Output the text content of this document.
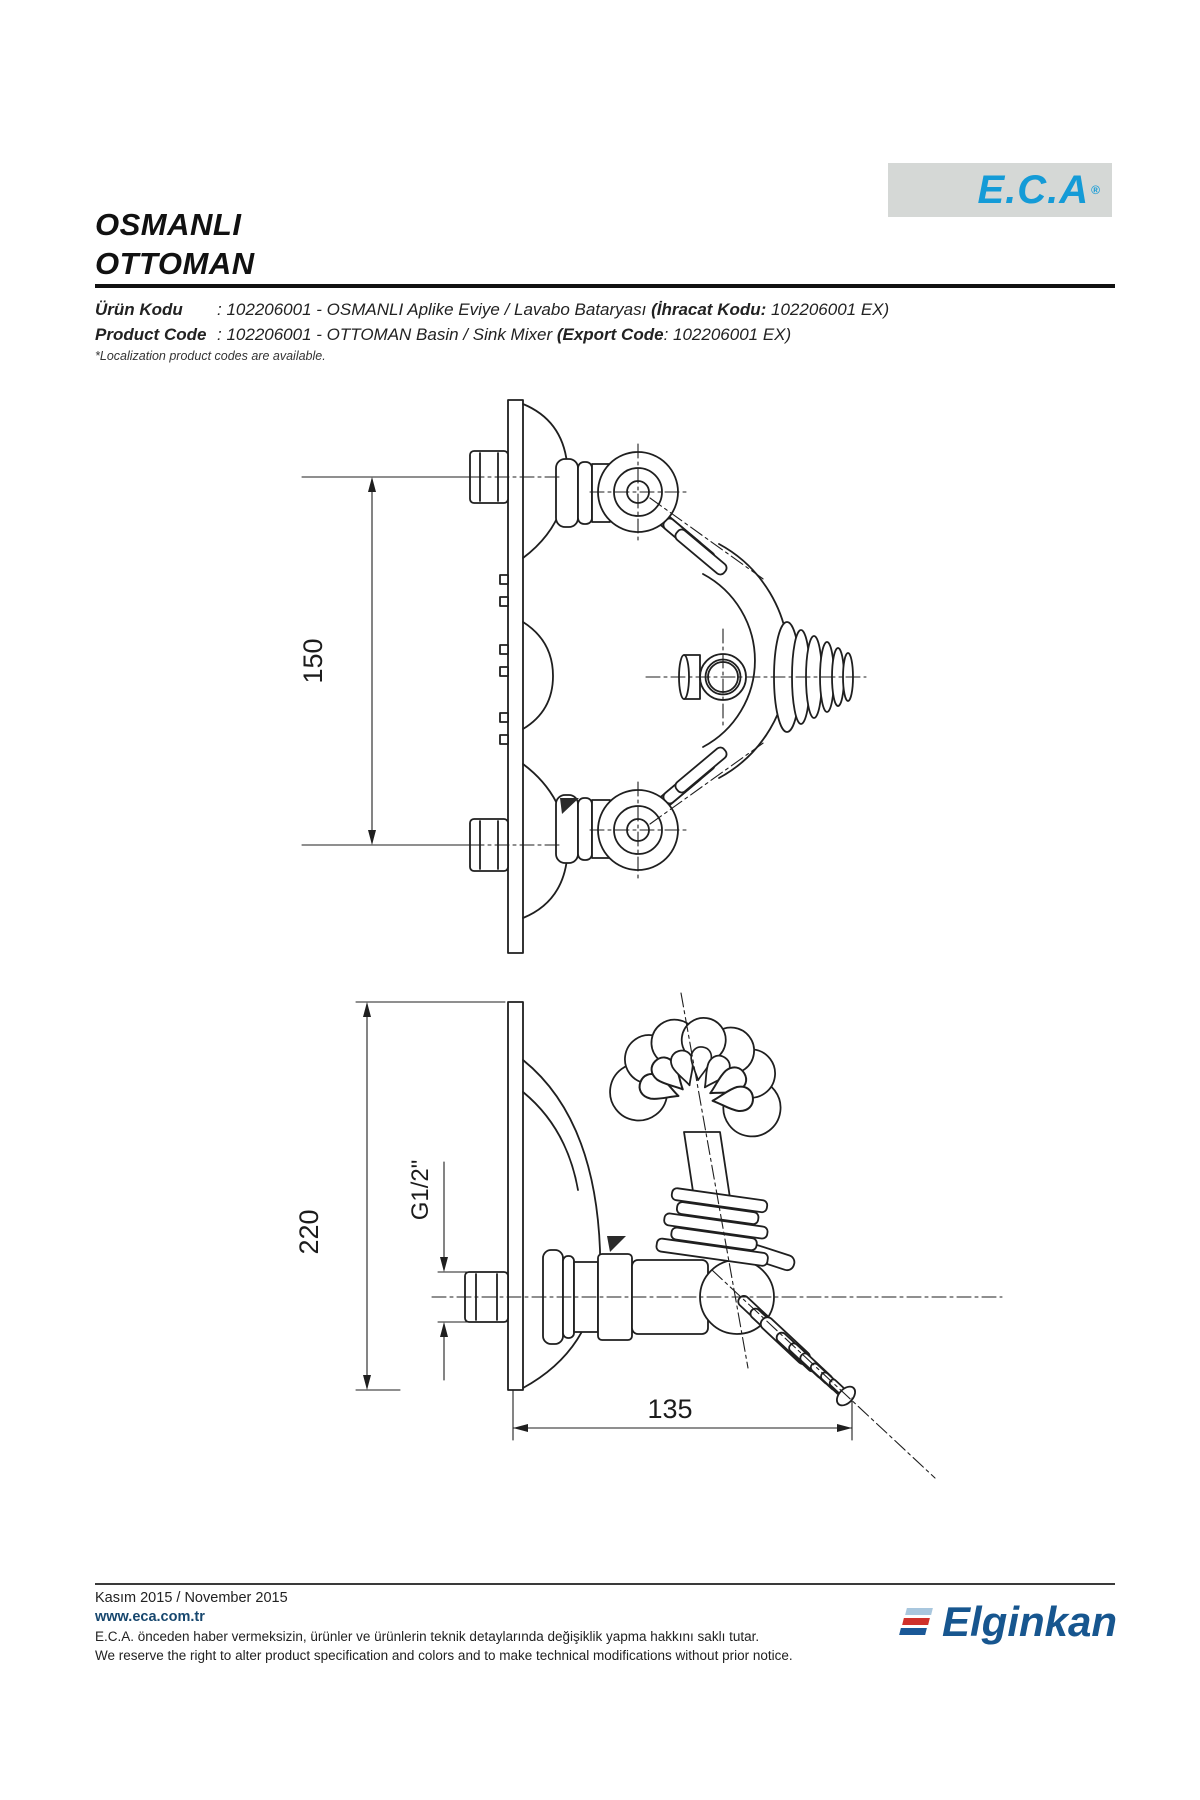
OSMANLI
OTTOMAN
E.C.A ®
Ürün Kodu : 102206001 - OSMANLI Aplike Eviye / Lavabo Bataryası (İhracat Kodu: 102206001 EX)
Product Code : 102206001 - OTTOMAN Basin / Sink Mixer (Export Code: 102206001 EX)
*Localization product codes are available.
150
220
G1/2"
135
Kasım 2015 / November 2015
www.eca.com.tr
E.C.A. önceden haber vermeksizin, ürünler ve ürünlerin teknik detaylarında değişiklik yapma hakkını saklı tutar.
We reserve the right to alter product specification and colors and to make technical modifications without prior notice.
Elginkan
